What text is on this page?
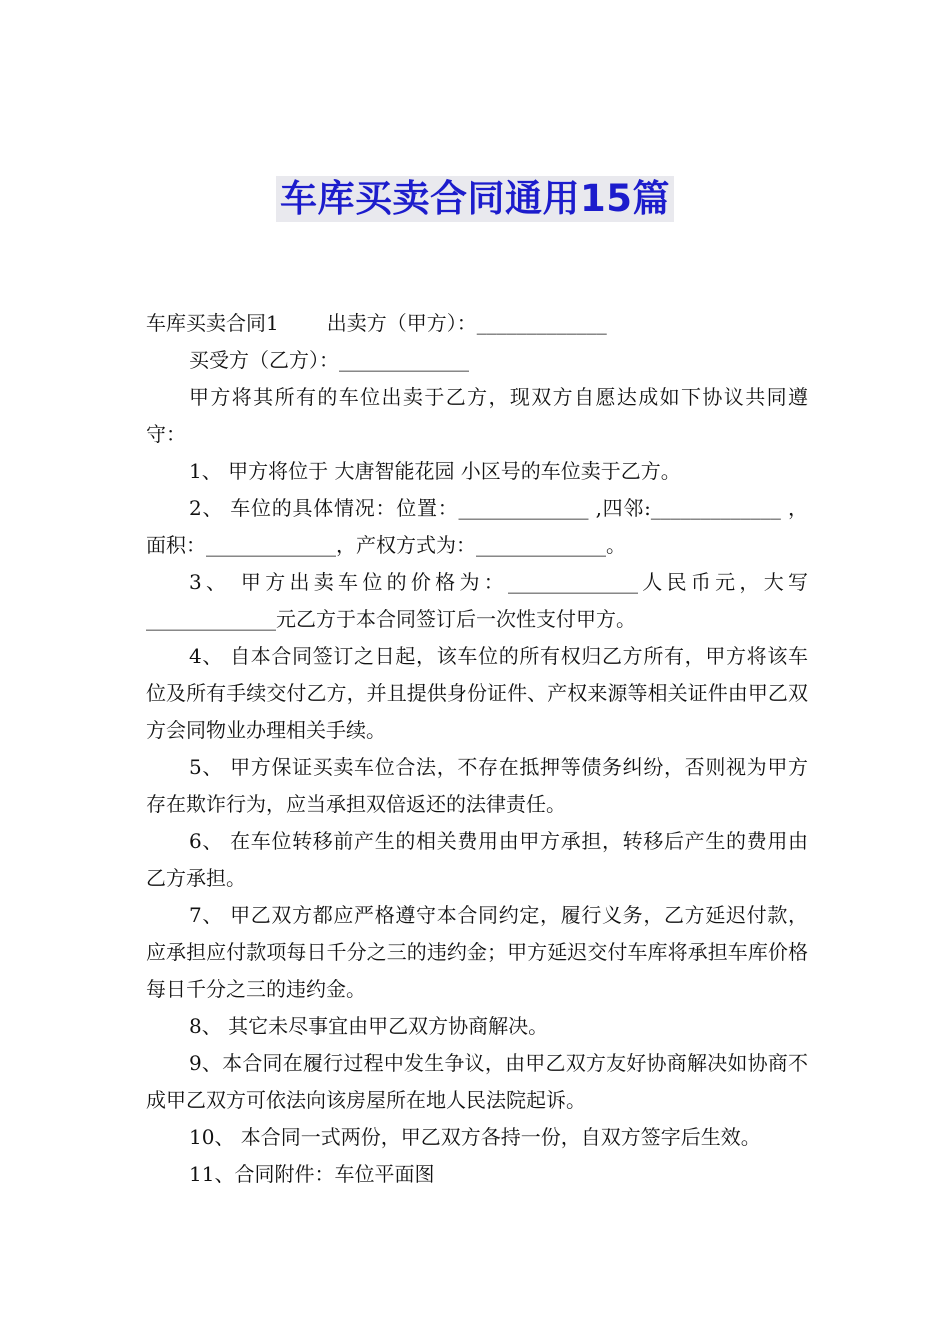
车库买卖合同通用15篇

车库买卖合同1 出卖方（甲方）：_____________

买受方（乙方）：_____________

甲方将其所有的车位出卖于乙方，现双方自愿达成如下协议共同遵守：

1、 甲方将位于 大唐智能花园 小区号的车位卖于乙方。

2、 车位的具体情况：位置：_____________ ,四邻:_____________ ，面积：_____________，产权方式为：_____________。

3、 甲方出卖车位的价格为：_____________人民币元，大写_____________元乙方于本合同签订后一次性支付甲方。

4、 自本合同签订之日起，该车位的所有权归乙方所有，甲方将该车位及所有手续交付乙方，并且提供身份证件、产权来源等相关证件由甲乙双方会同物业办理相关手续。

5、 甲方保证买卖车位合法，不存在抵押等债务纠纷，否则视为甲方存在欺诈行为，应当承担双倍返还的法律责任。

6、 在车位转移前产生的相关费用由甲方承担，转移后产生的费用由乙方承担。

7、 甲乙双方都应严格遵守本合同约定，履行义务，乙方延迟付款，应承担应付款项每日千分之三的违约金；甲方延迟交付车库将承担车库价格每日千分之三的违约金。

8、 其它未尽事宜由甲乙双方协商解决。

9、本合同在履行过程中发生争议，由甲乙双方友好协商解决如协商不成甲乙双方可依法向该房屋所在地人民法院起诉。

10、 本合同一式两份，甲乙双方各持一份，自双方签字后生效。

11、合同附件：车位平面图
